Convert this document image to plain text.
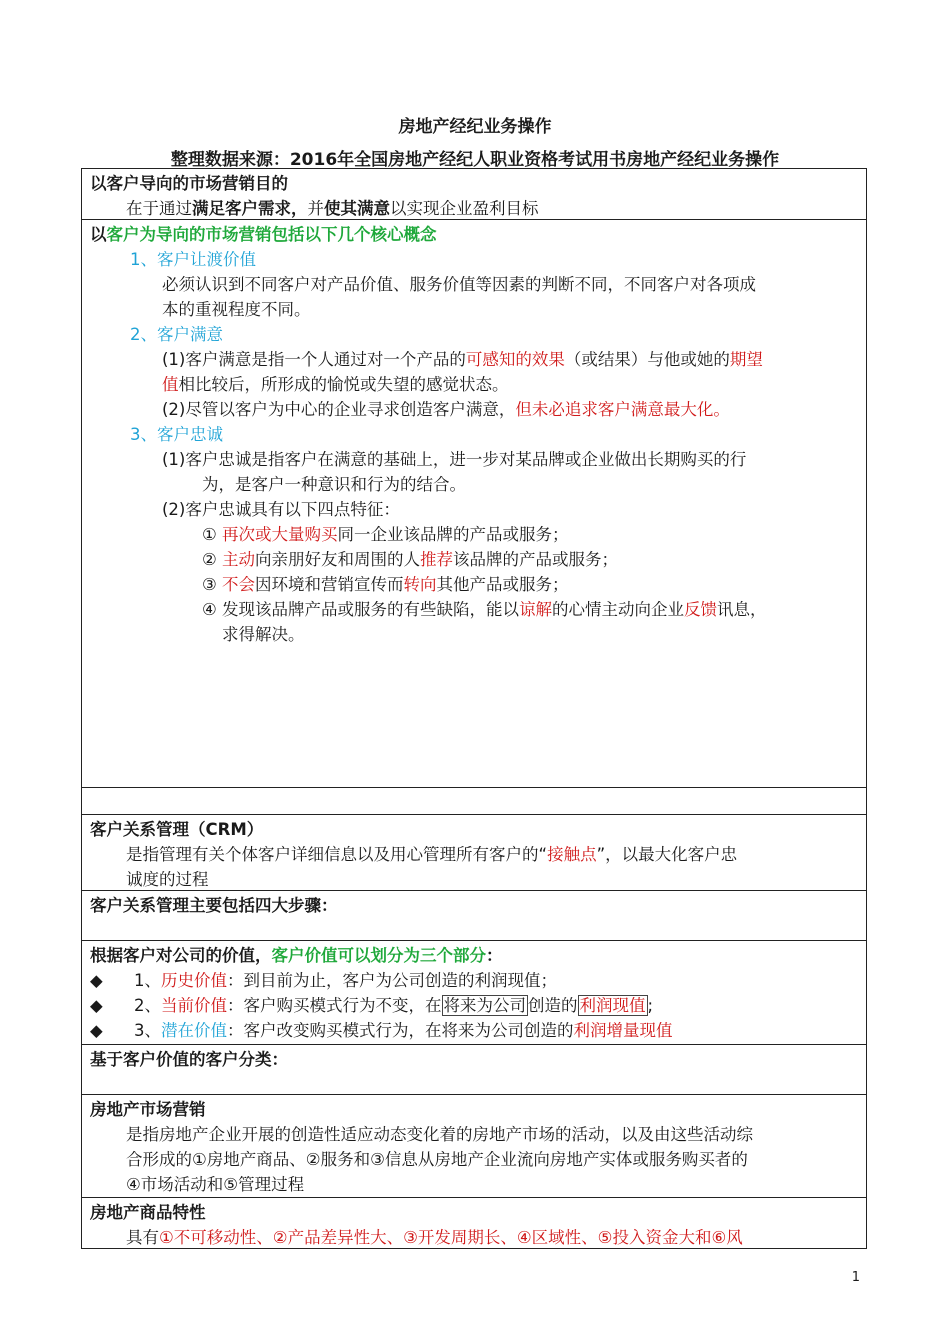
房地产经纪业务操作
整理数据来源：2016年全国房地产经纪人职业资格考试用书房地产经纪业务操作
以客户导向的市场营销目的
在于通过满足客户需求，并使其满意以实现企业盈利目标
以客户为导向的市场营销包括以下几个核心概念
1、客户让渡价值
必须认识到不同客户对产品价值、服务价值等因素的判断不同，不同客户对各项成
本的重视程度不同。
2、客户满意
(1)客户满意是指一个人通过对一个产品的可感知的效果（或结果）与他或她的期望
值相比较后，所形成的愉悦或失望的感觉状态。
(2)尽管以客户为中心的企业寻求创造客户满意，但未必追求客户满意最大化。
3、客户忠诚
(1)客户忠诚是指客户在满意的基础上，进一步对某品牌或企业做出长期购买的行
为，是客户一种意识和行为的结合。
(2)客户忠诚具有以下四点特征：
① 再次或大量购买同一企业该品牌的产品或服务；
② 主动向亲朋好友和周围的人推荐该品牌的产品或服务；
③ 不会因环境和营销宣传而转向其他产品或服务；
④ 发现该品牌产品或服务的有些缺陷，能以谅解的心情主动向企业反馈讯息，
求得解决。
客户关系管理（CRM）
是指管理有关个体客户详细信息以及用心管理所有客户的“接触点”，以最大化客户忠
诚度的过程
客户关系管理主要包括四大步骤：
根据客户对公司的价值，客户价值可以划分为三个部分：
◆ 1、历史价值：到目前为止，客户为公司创造的利润现值；
◆ 2、当前价值：客户购买模式行为不变，在 将来为公司 创造的 利润现值 ;
◆ 3、潜在价值：客户改变购买模式行为，在将来为公司创造的利润增量现值
基于客户价值的客户分类：
房地产市场营销
是指房地产企业开展的创造性适应动态变化着的房地产市场的活动，以及由这些活动综
合形成的①房地产商品、②服务和③信息从房地产企业流向房地产实体或服务购买者的
④市场活动和⑤管理过程
房地产商品特性
具有①不可移动性、②产品差异性大、③开发周期长、④区域性、⑤投入资金大和⑥风
1
